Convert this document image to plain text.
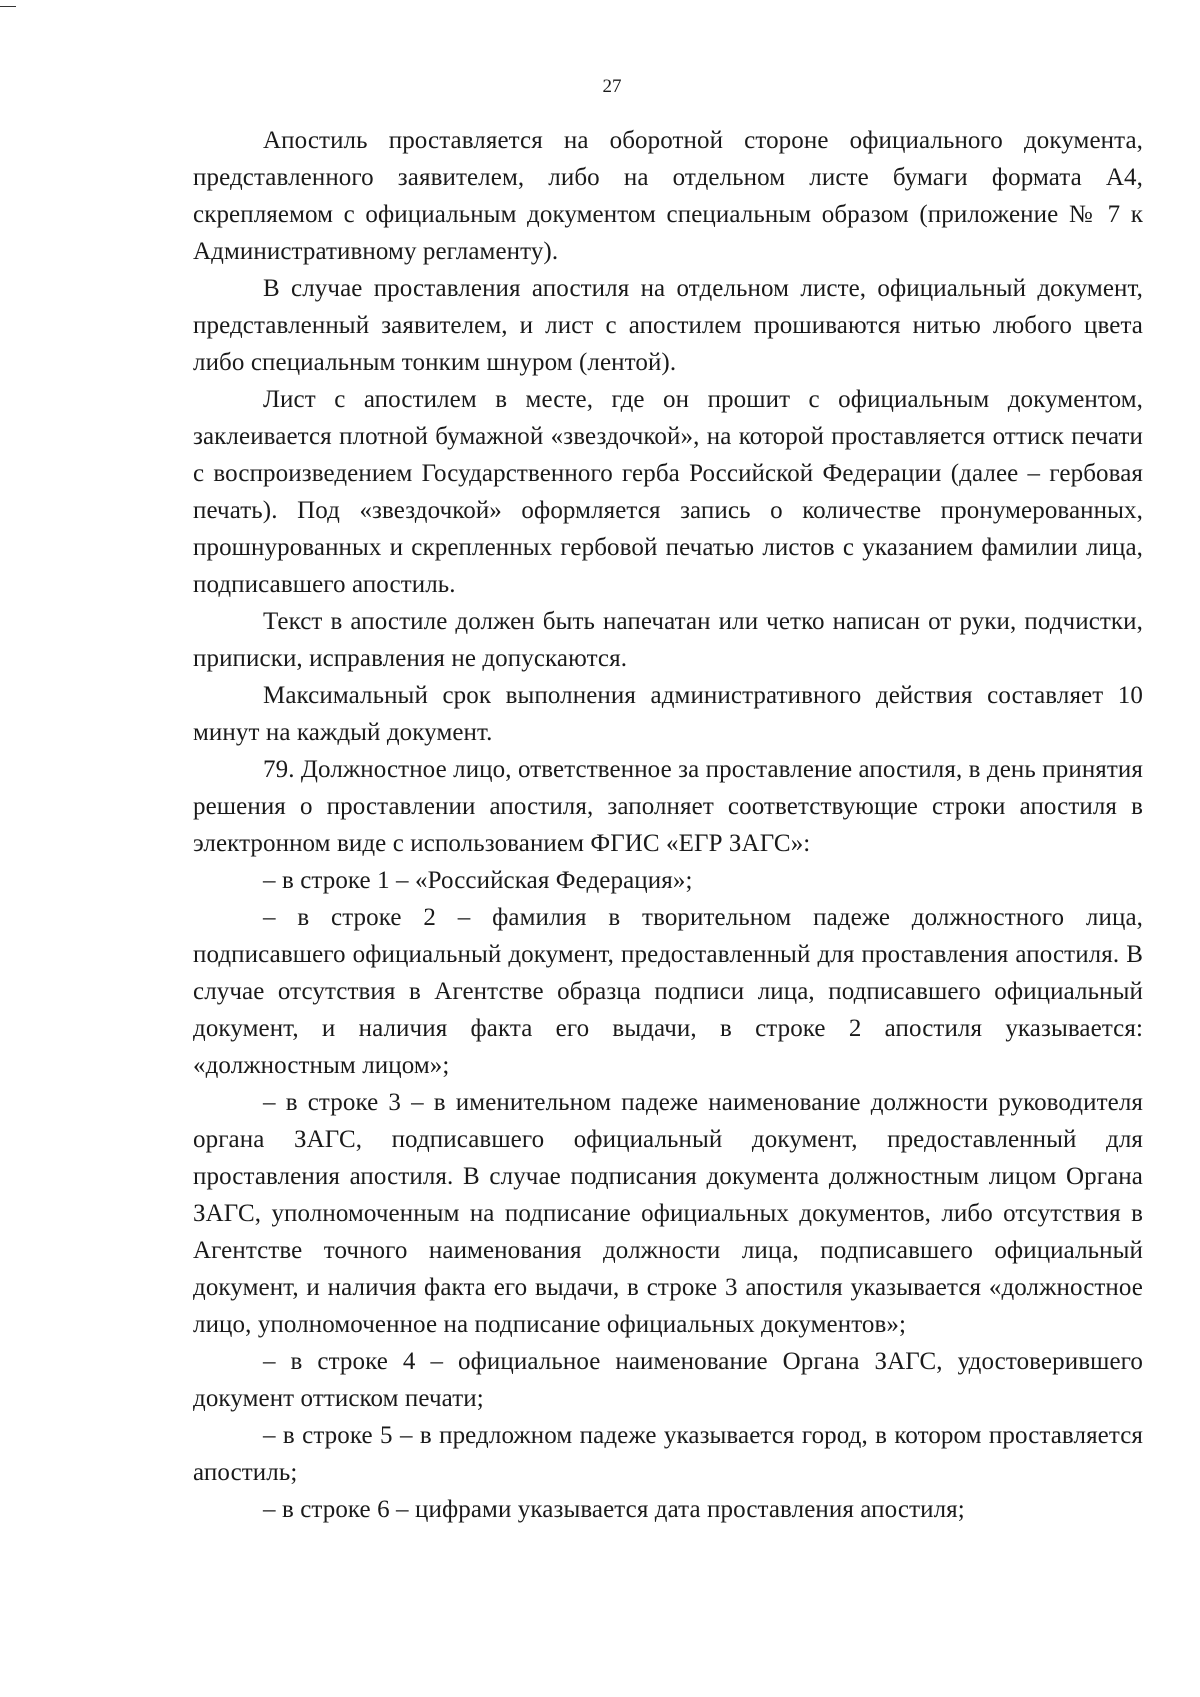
27

Апостиль проставляется на оборотной стороне официального документа, представленного заявителем, либо на отдельном листе бумаги формата А4, скрепляемом с официальным документом специальным образом (приложение № 7 к Административному регламенту).

В случае проставления апостиля на отдельном листе, официальный документ, представленный заявителем, и лист с апостилем прошиваются нитью любого цвета либо специальным тонким шнуром (лентой).

Лист с апостилем в месте, где он прошит с официальным документом, заклеивается плотной бумажной «звездочкой», на которой проставляется оттиск печати с воспроизведением Государственного герба Российской Федерации (далее – гербовая печать). Под «звездочкой» оформляется запись о количестве пронумерованных, прошнурованных и скрепленных гербовой печатью листов с указанием фамилии лица, подписавшего апостиль.

Текст в апостиле должен быть напечатан или четко написан от руки, подчистки, приписки, исправления не допускаются.

Максимальный срок выполнения административного действия составляет 10 минут на каждый документ.

79. Должностное лицо, ответственное за проставление апостиля, в день принятия решения о проставлении апостиля, заполняет соответствующие строки апостиля в электронном виде с использованием ФГИС «ЕГР ЗАГС»:

– в строке 1 – «Российская Федерация»;

– в строке 2 – фамилия в творительном падеже должностного лица, подписавшего официальный документ, предоставленный для проставления апостиля. В случае отсутствия в Агентстве образца подписи лица, подписавшего официальный документ, и наличия факта его выдачи, в строке 2 апостиля указывается: «должностным лицом»;

– в строке 3 – в именительном падеже наименование должности руководителя органа ЗАГС, подписавшего официальный документ, предоставленный для проставления апостиля. В случае подписания документа должностным лицом Органа ЗАГС, уполномоченным на подписание официальных документов, либо отсутствия в Агентстве точного наименования должности лица, подписавшего официальный документ, и наличия факта его выдачи, в строке 3 апостиля указывается «должностное лицо, уполномоченное на подписание официальных документов»;

– в строке 4 – официальное наименование Органа ЗАГС, удостоверившего документ оттиском печати;

– в строке 5 – в предложном падеже указывается город, в котором проставляется апостиль;

– в строке 6 – цифрами указывается дата проставления апостиля;
